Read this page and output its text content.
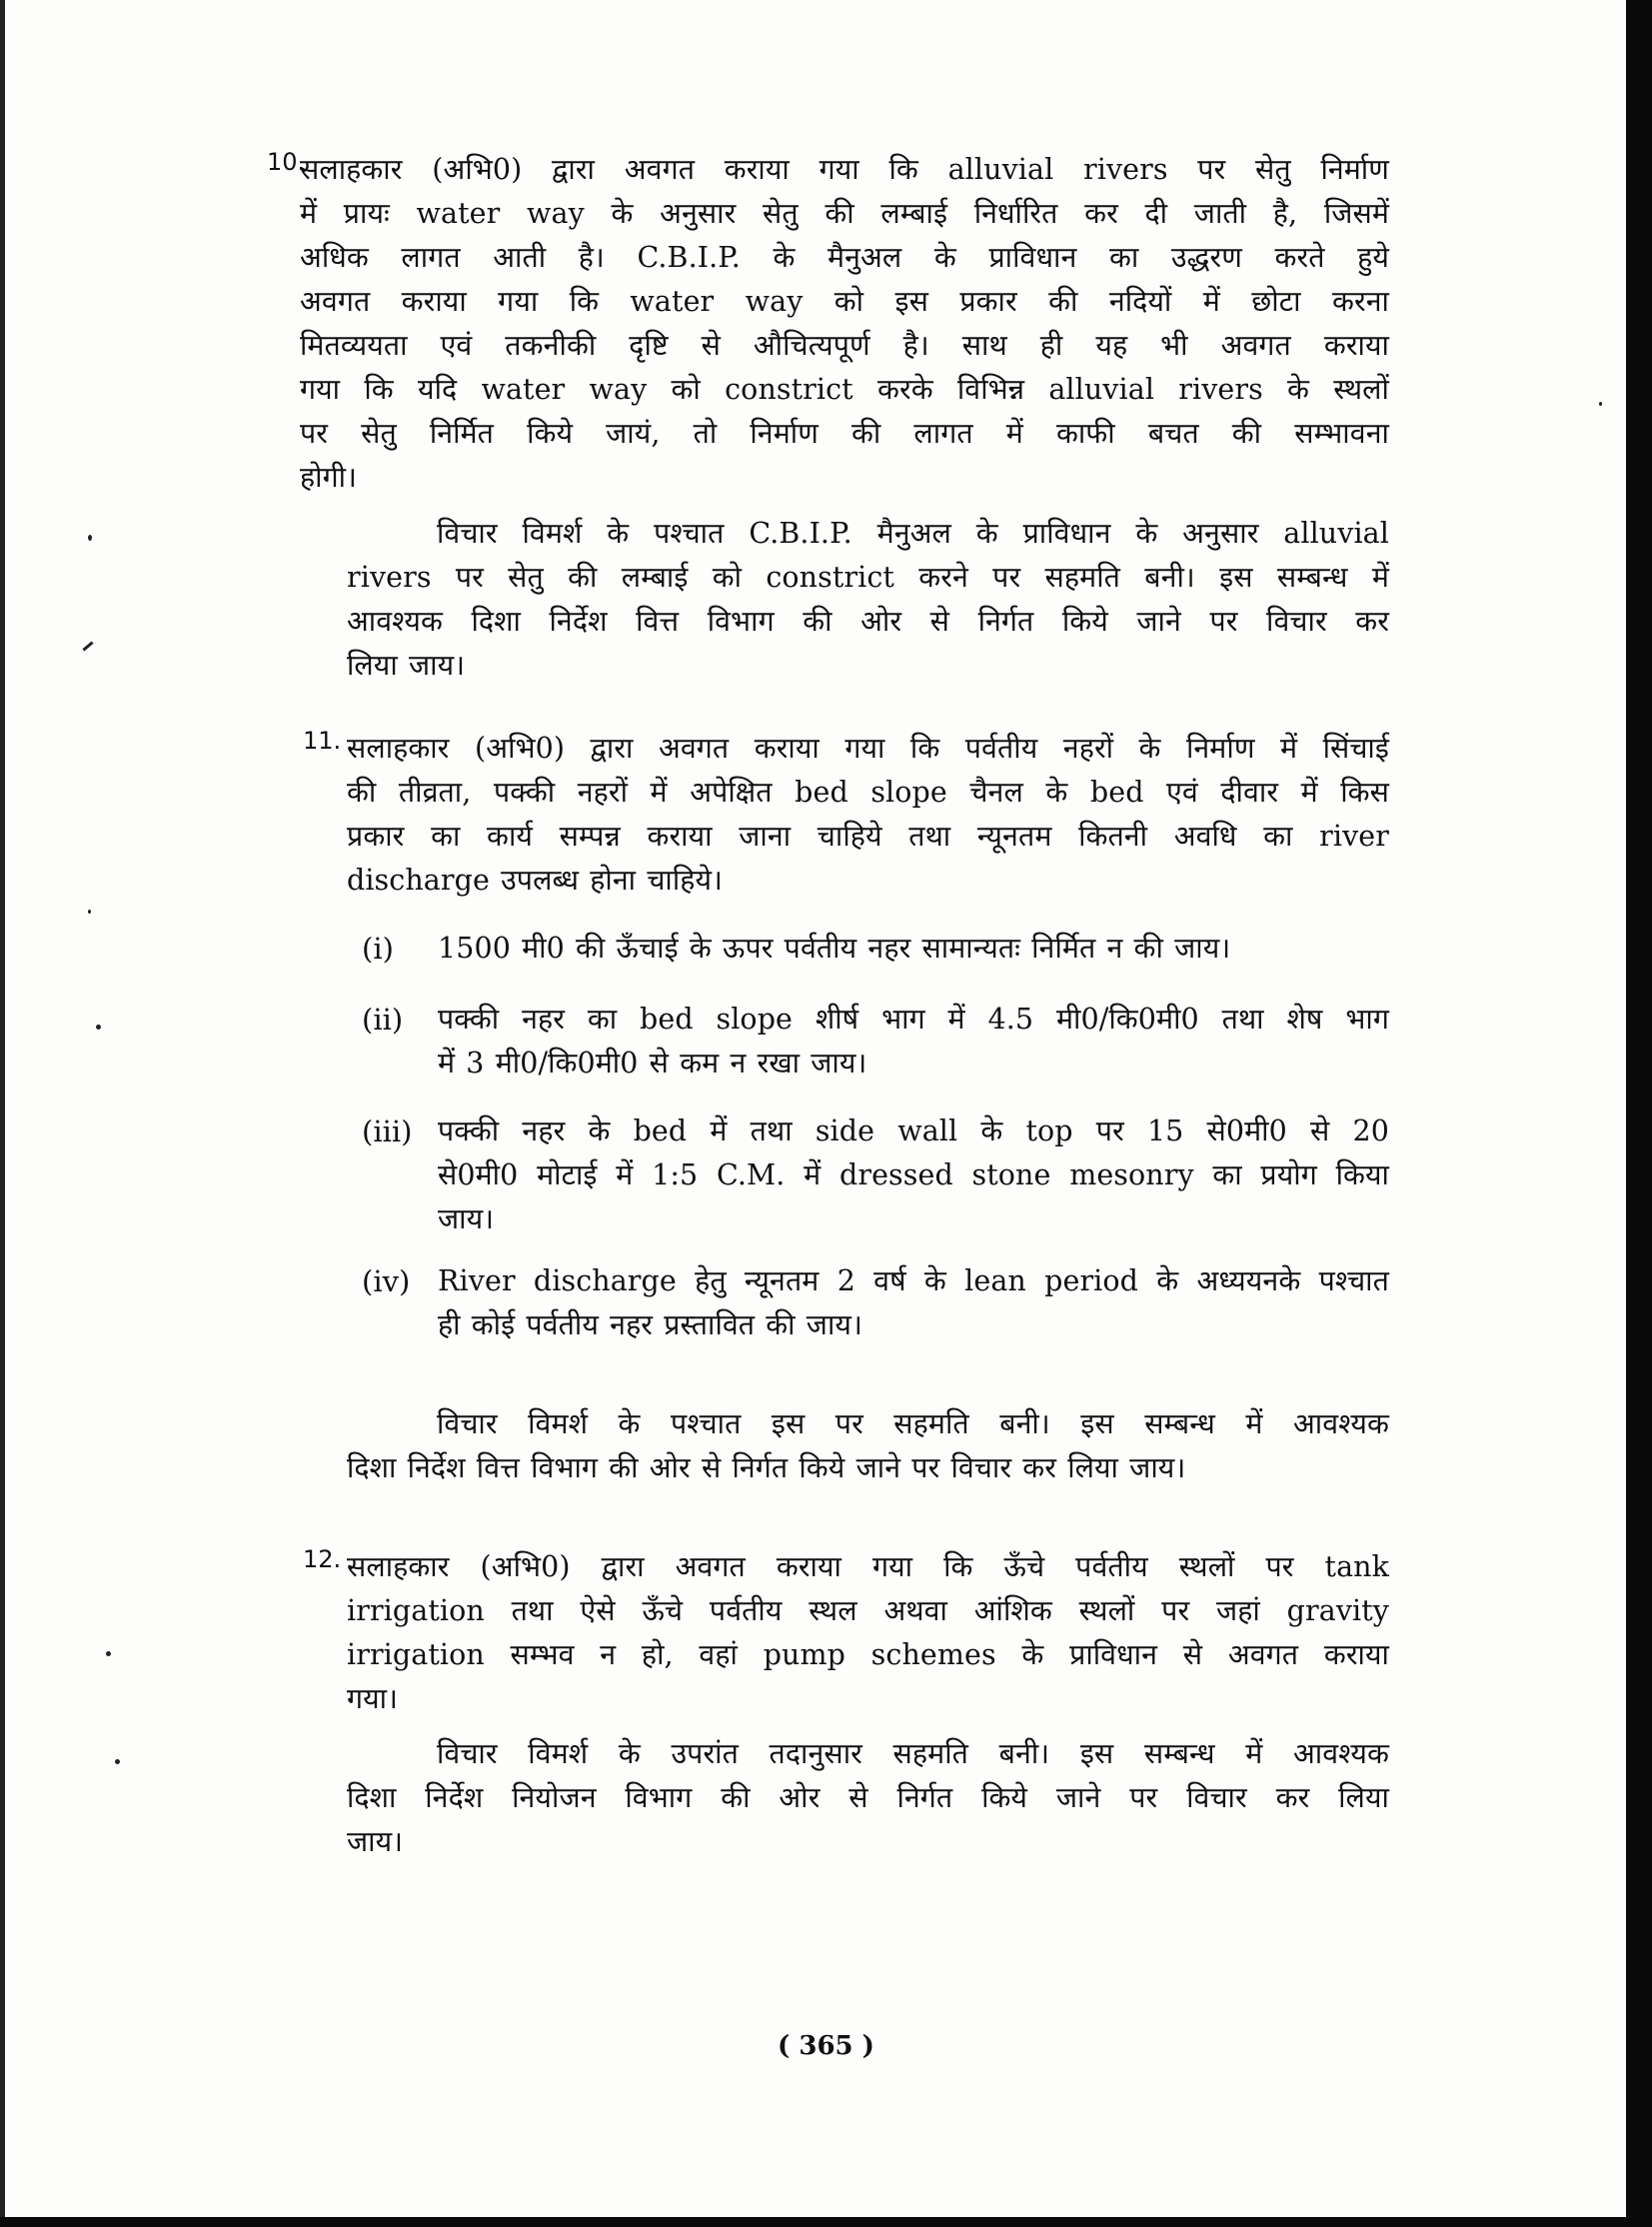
10.
सलाहकार (अभि0) द्वारा अवगत कराया गया कि alluvial rivers पर सेतु निर्माण
में प्रायः water way के अनुसार सेतु की लम्बाई निर्धारित कर दी जाती है, जिसमें
अधिक लागत आती है। C.B.I.P. के मैनुअल के प्राविधान का उद्धरण करते हुये
अवगत कराया गया कि water way को इस प्रकार की नदियों में छोटा करना
मितव्ययता एवं तकनीकी दृष्टि से औचित्यपूर्ण है। साथ ही यह भी अवगत कराया
गया कि यदि water way को constrict करके विभिन्न alluvial rivers के स्थलों
पर सेतु निर्मित किये जायं, तो निर्माण की लागत में काफी बचत की सम्भावना
होगी।
विचार विमर्श के पश्चात C.B.I.P. मैनुअल के प्राविधान के अनुसार alluvial
rivers पर सेतु की लम्बाई को constrict करने पर सहमति बनी। इस सम्बन्ध में
आवश्यक दिशा निर्देश वित्त विभाग की ओर से निर्गत किये जाने पर विचार कर
लिया जाय।
11. सलाहकार (अभि0) द्वारा अवगत कराया गया कि पर्वतीय नहरों के निर्माण में सिंचाई
की तीव्रता, पक्की नहरों में अपेक्षित bed slope चैनल के bed एवं दीवार में किस
प्रकार का कार्य सम्पन्न कराया जाना चाहिये तथा न्यूनतम कितनी अवधि का river
discharge उपलब्ध होना चाहिये।
(i) 1500 मी0 की ऊँचाई के ऊपर पर्वतीय नहर सामान्यतः निर्मित न की जाय।
(ii) पक्की नहर का bed slope शीर्ष भाग में 4.5 मी0/कि0मी0 तथा शेष भाग
में 3 मी0/कि0मी0 से कम न रखा जाय।
(iii) पक्की नहर के bed में तथा side wall के top पर 15 से0मी0 से 20
से0मी0 मोटाई में 1:5 C.M. में dressed stone mesonry का प्रयोग किया
जाय।
(iv) River discharge हेतु न्यूनतम 2 वर्ष के lean period के अध्ययनके पश्चात
ही कोई पर्वतीय नहर प्रस्तावित की जाय।
विचार विमर्श के पश्चात इस पर सहमति बनी। इस सम्बन्ध में आवश्यक
दिशा निर्देश वित्त विभाग की ओर से निर्गत किये जाने पर विचार कर लिया जाय।
12. सलाहकार (अभि0) द्वारा अवगत कराया गया कि ऊँचे पर्वतीय स्थलों पर tank
irrigation तथा ऐसे ऊँचे पर्वतीय स्थल अथवा आंशिक स्थलों पर जहां gravity
irrigation सम्भव न हो, वहां pump schemes के प्राविधान से अवगत कराया
गया।
विचार विमर्श के उपरांत तदानुसार सहमति बनी। इस सम्बन्ध में आवश्यक
दिशा निर्देश नियोजन विभाग की ओर से निर्गत किये जाने पर विचार कर लिया
जाय।
( 365 )
